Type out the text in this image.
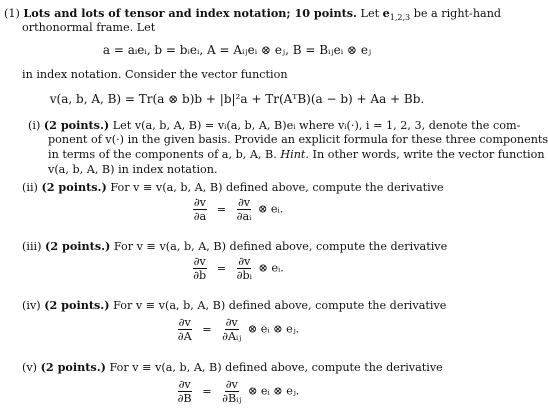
(1) Lots and lots of tensor and index notation; 10 points. Let $e_{1,2,3}$ be a right-hand
orthonormal frame. Let
a = aᵢeᵢ, b = bᵢeᵢ, A = Aᵢⱼeᵢ ⊗ eⱼ, B = Bᵢⱼeᵢ ⊗ eⱼ
in index notation. Consider the vector function
v(a, b, A, B) = Tr(a ⊗ b)b + |b|²a + Tr(AᵀB)(a − b) + Aa + Bb.
(i) (2 points.) Let v(a, b, A, B) = vᵢ(a, b, A, B)eᵢ where vᵢ(·), i = 1, 2, 3, denote the com-
ponent of v(·) in the given basis. Provide an explicit formula for these three components
in terms of the components of a, b, A, B. Hint. In other words, write the vector function
v(a, b, A, B) in index notation.
(ii) (2 points.) For v ≡ v(a, b, A, B) defined above, compute the derivative
$\frac{\partial v}{\partial a} = \frac{\partial v}{\text{∂aᵢ}}$ ⊗ eᵢ.
(iii) (2 points.) For v ≡ v(a, b, A, B) defined above, compute the derivative
$\frac{\partial v}{\partial b} = \frac{\partial v}{\text{∂bᵢ}}$ ⊗ eᵢ.
(iv) (2 points.) For v ≡ v(a, b, A, B) defined above, compute the derivative
$\frac{\partial v}{\partial A} = \frac{\partial v}{\text{∂Aᵢⱼ}}$ ⊗ eᵢ ⊗ eⱼ.
(v) (2 points.) For v ≡ v(a, b, A, B) defined above, compute the derivative
$\frac{\partial v}{\partial B} = \frac{\partial v}{\text{∂Bᵢⱼ}}$ ⊗ eᵢ ⊗ eⱼ.
